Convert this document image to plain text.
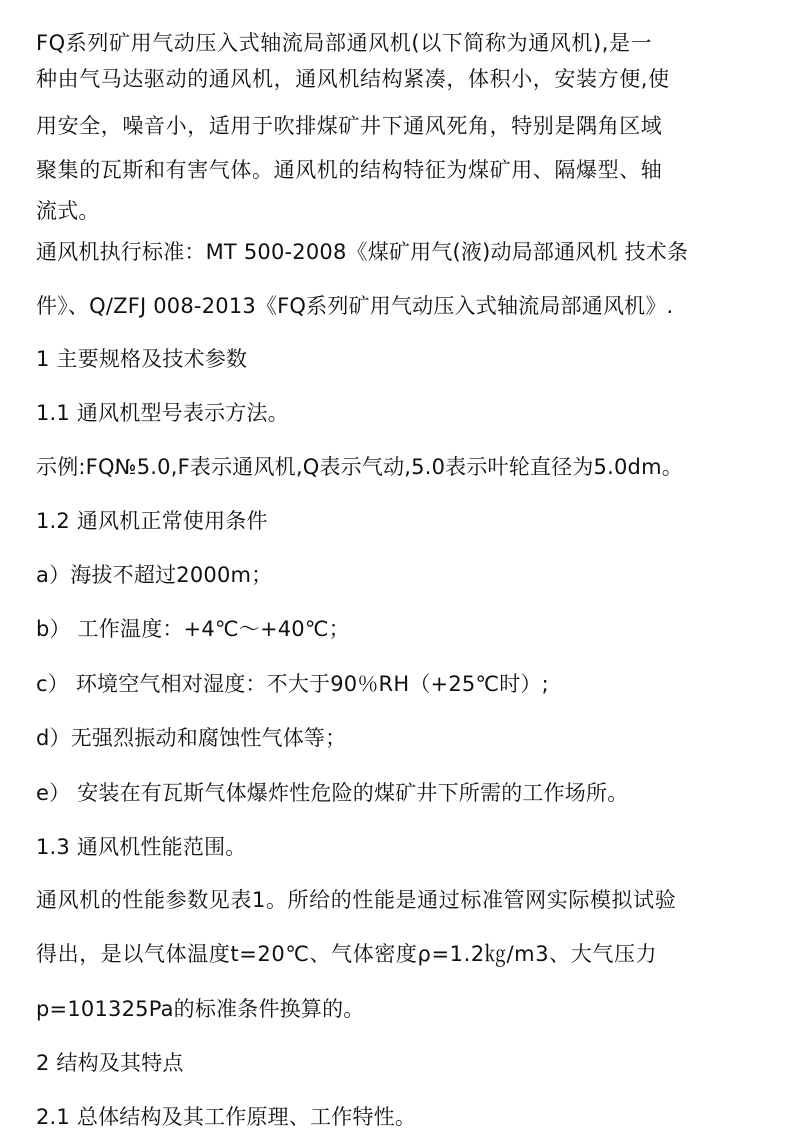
FQ系列矿用气动压入式轴流局部通风机(以下简称为通风机),是一
种由气马达驱动的通风机，通风机结构紧凑，体积小，安装方便,使
用安全，噪音小，适用于吹排煤矿井下通风死角，特别是隅角区域
聚集的瓦斯和有害气体。通风机的结构特征为煤矿用、隔爆型、轴
流式。
通风机执行标准：MT 500-2008《煤矿用气(液)动局部通风机 技术条
件》、Q/ZFJ 008-2013《FQ系列矿用气动压入式轴流局部通风机》.
1 主要规格及技术参数
1.1 通风机型号表示方法。
示例:FQ№5.0,F表示通风机,Q表示气动,5.0表示叶轮直径为5.0dm。
1.2 通风机正常使用条件
a）海拔不超过2000m；
b） 工作温度：+4℃～+40℃；
c） 环境空气相对湿度：不大于90％RH（+25℃时）;
d）无强烈振动和腐蚀性气体等；
e） 安装在有瓦斯气体爆炸性危险的煤矿井下所需的工作场所。
1.3 通风机性能范围。
通风机的性能参数见表1。所给的性能是通过标准管网实际模拟试验
得出，是以气体温度t=20℃、气体密度ρ=1.2㎏/m3、大气压力
p=101325Pa的标准条件换算的。
2 结构及其特点
2.1 总体结构及其工作原理、工作特性。
